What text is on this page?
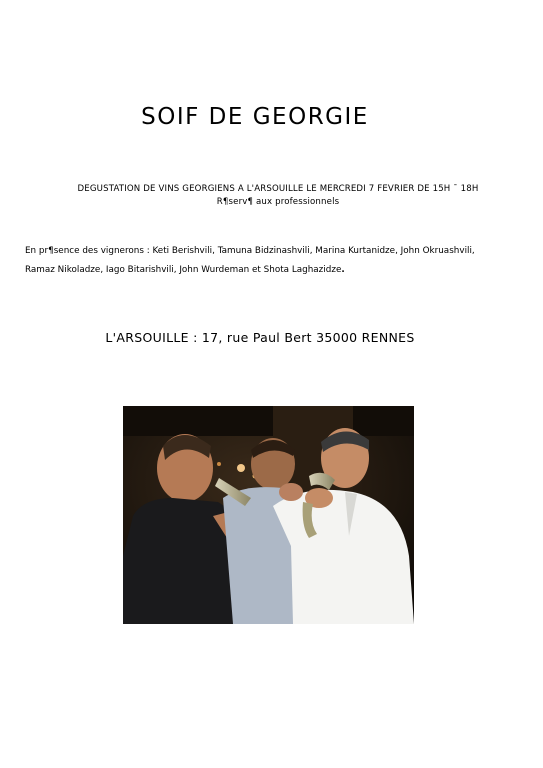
SOIF DE GEORGIE
DEGUSTATION DE VINS GEORGIENS A L'ARSOUILLE LE MERCREDI 7 FEVRIER DE 15H ¯ 18H
R¶serv¶ aux professionnels
En pr¶sence des vignerons : Keti Berishvili, Tamuna Bidzinashvili, Marina Kurtanidze, John Okruashvili,
Ramaz Nikoladze, Iago Bitarishvili, John Wurdeman et Shota Laghazidze.
L'ARSOUILLE : 17, rue Paul Bert 35000 RENNES
